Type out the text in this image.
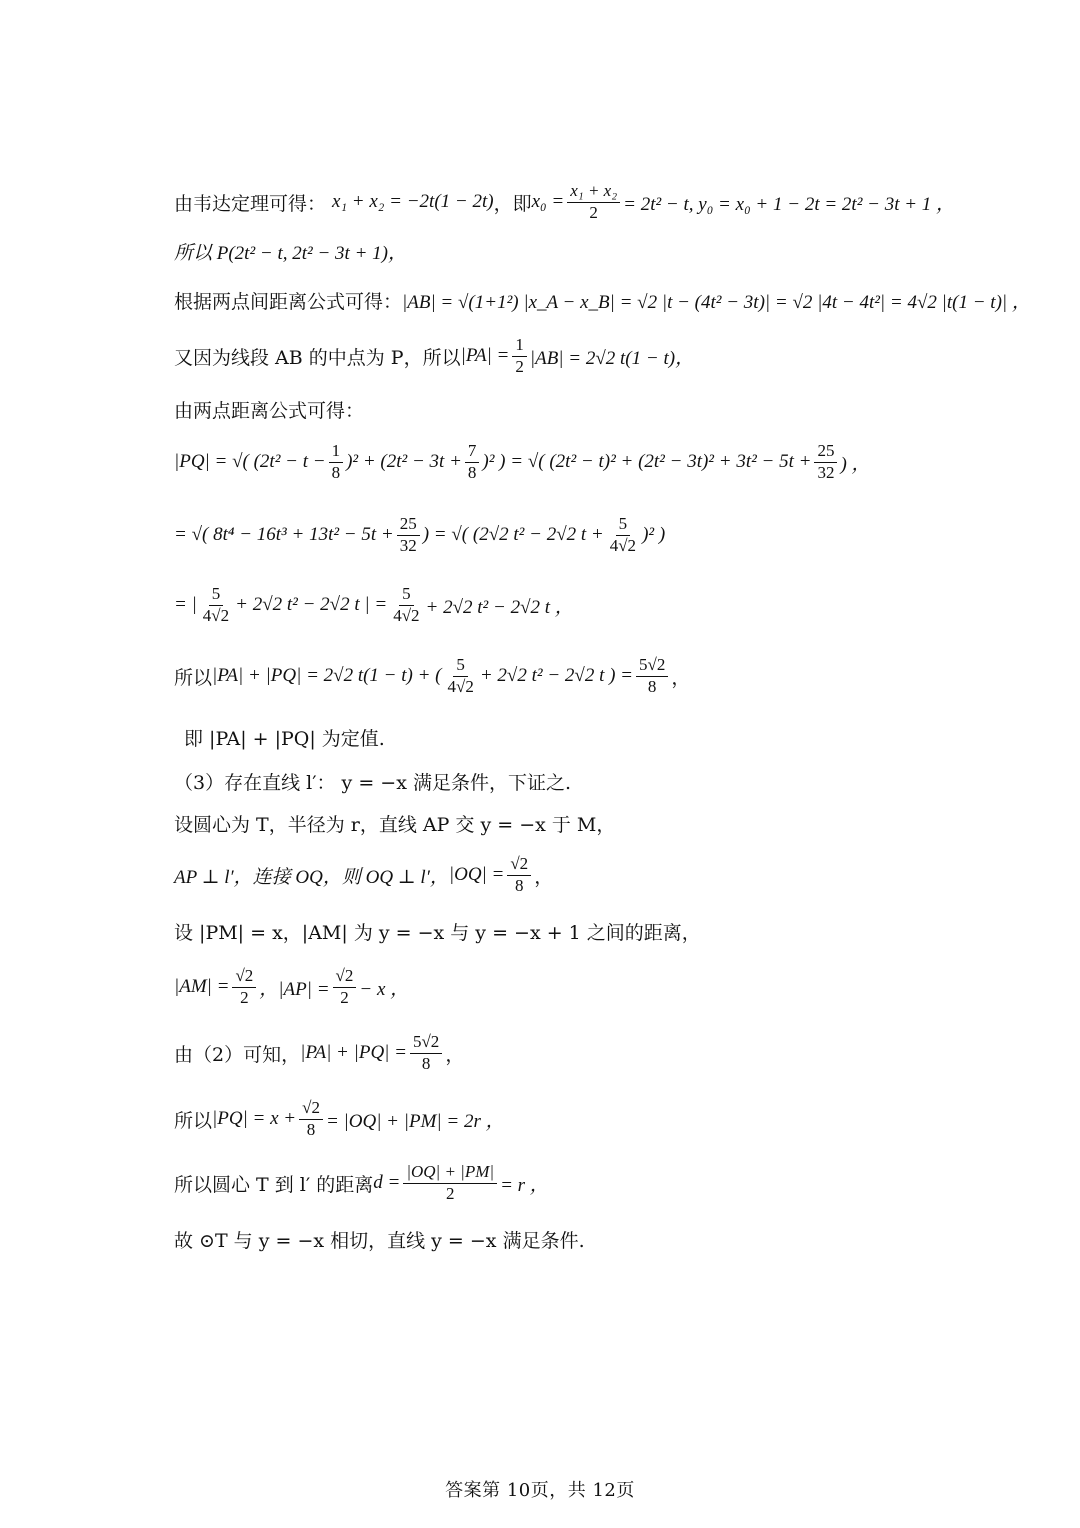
由韦达定理可得： x₁ + x₂ = −2t(1 − 2t) ，即 $x_0 = \frac{\text{x₁ + x₂}}{2} = 2t^2 - t$, y₀ = x₀ + 1 − 2t = 2t² − 3t + 1 ，
所以 P(2t² − t, 2t² − 3t + 1)，
根据两点间距离公式可得： |AB| = √(1+1²) |x_A − x_B| = √2 |t − (4t² − 3t)| = √2 |4t − 4t²| = 4√2 |t(1 − t)| ，
又因为线段 AB 的中点为 P，所以 $|PA| = \frac{1}{2} |AB| = 2√2$ t(1 − t)，
由两点距离公式可得：
|PQ| = √( $(2t^2 - t - \frac{1}{8} )^2 + (2t^2 - 3t + \frac{7}{8} )^2$ ) = √( $(2t^2 - t)^2 + (2t^2 - 3t)^2 + 3t^2 - 5t + \frac{25}{32}$ ) ，
= √( $8t^4 - 16t^3 + 13t^2 - 5t + \frac{25}{32}$ ) = √( (2√2 t² − 2√2 $t + \frac{5}{4√2} )^2$ )
= | $\frac{5}{4√2} + 2√2$ t² − 2√2 t | = $\frac{5}{4√2} + 2√2$ t² − 2√2 t ，
所以 |PA| + |PQ| = 2√2 t(1 − t) + ( $\frac{5}{4√2} + 2√2$ t² − 2√2 t ) = $\frac{5√2}{8}$ ，
即 |PA| + |PQ| 为定值.
（3）存在直线 l′： y = −x 满足条件，下证之.
设圆心为 T，半径为 r，直线 AP 交 y = −x 于 M，
AP ⊥ l′，连接 OQ，则 OQ ⊥ l′， $|OQ| = \frac{√2}{8}$ ，
设 |PM| = x，|AM| 为 y = −x 与 y = −x + 1 之间的距离，
$|AM| = \frac{√2}{2}$ ，$|AP| = \frac{√2}{2} - x$ ，
由（2）可知， $|PA| + |PQ| = \frac{5√2}{8}$ ，
所以 $|PQ| = x + \frac{√2}{8} = |OQ| + |PM| = 2r$ ，
所以圆心 T 到 l′ 的距离 $d = \frac{|OQ| + |PM|}{2} = r$ ，
故 ⊙T 与 y = −x 相切，直线 y = −x 满足条件.
答案第 10页，共 12页
